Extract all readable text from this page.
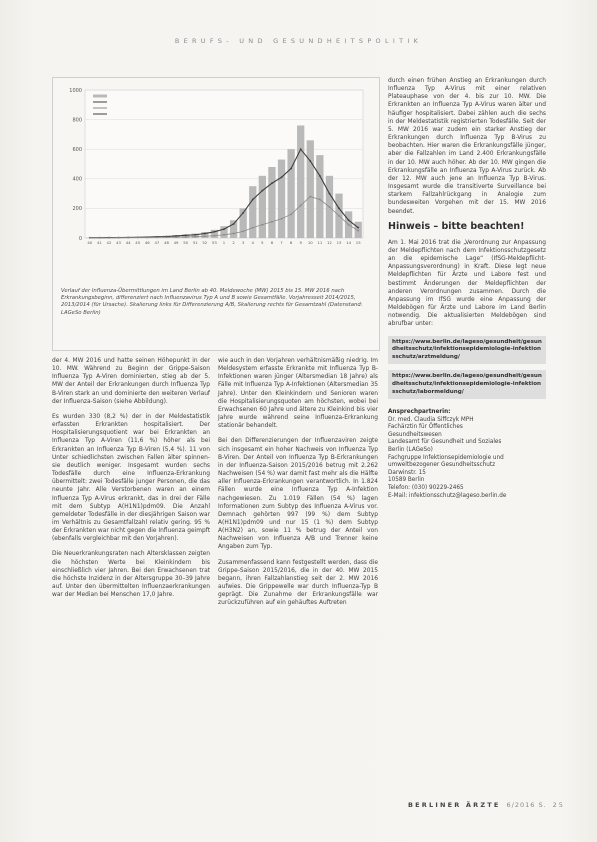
BERUFS- UND GESUNDHEITSPOLITIK
1000
800
600
400
200
0
40 41 42 43 44 45 46 47 48 49 50 51 52 53 1 2 3 4 5 6 7 8 9 10 11 12 13 14 15
Verlauf der Influenza-Übermittlungen im Land Berlin ab 40. Meldewoche (MW) 2015 bis 15. MW 2016 nach Erkrankungsbeginn, differenziert nach Influenzavirus Typ A und B sowie Gesamtfälle. Vorjahresseit 2014/2015, 2013/2014 (für Ursache). Skalierung links für Differenzierung A/B, Skalierung rechts für Gesamtzahl (Datenstand: LAGeSo Berlin)

der 4. MW 2016 und hatte seinen Höhepunkt in der 10. MW. Während zu Beginn der Grippe-Saison Influenza Typ A-Viren dominierten, stieg ab der 5. MW der Anteil der Erkrankungen durch Influenza Typ B-Viren stark an und dominierte den weiteren Verlauf der Influenza-Saison (siehe Abbildung).

Es wurden 330 (8,2 %) der in der Meldestatistik erfassten Erkrankten hospitalisiert. Der Hospitalisierungsquotient war bei Erkrankten an Influenza Typ A-Viren (11,6 %) höher als bei Erkrankten an Influenza Typ B-Viren (5,4 %). 11 von Unter schiedlichsten zwischen Fallen älter spinnen-sie deutlich weniger. Insgesamt wurden sechs Todesfälle durch eine Influenza-Erkrankung übermittelt: zwei Todesfälle junger Personen, die das neunte Jahr. Alle Verstorbenen waren an einem Influenza Typ A-Virus erkrankt, das in drei der Fälle mit dem Subtyp A(H1N1)pdm09. Die Anzahl gemeldeter Todesfälle in der diesjährigen Saison war im Verhältnis zu Gesamtfallzahl relativ gering. 95 % der Erkrankten war nicht gegen die Influenza geimpft (ebenfalls vergleichbar mit den Vorjahren).

Die Neuerkrankungsraten nach Altersklassen zeigten die höchsten Werte bei Kleinkindern bis einschließlich vier Jahren. Bei den Erwachsenen trat die höchste Inzidenz in der Altersgruppe 30–39 Jahre auf. Unter den übermittelten Influenzaerkrankungen war der Median bei Menschen 17,0 Jahre.

wie auch in den Vorjahren verhältnismäßig niedrig. Im Meldesystem erfasste Erkrankte mit Influenza Typ B-Infektionen waren jünger (Altersmedian 18 Jahre) als Fälle mit Influenza Typ A-Infektionen (Altersmedian 35 Jahre). Unter den Kleinkindern und Senioren waren die Hospitalisierungsquoten am höchsten, wobei bei Erwachsenen 60 Jahre und ältere zu Kleinkind bis vier Jahre wurde während seine Influenza-Erkrankung stationär behandelt.

Bei den Differenzierungen der Influenzaviren zeigte sich insgesamt ein hoher Nachweis von Influenza Typ B-Viren. Der Anteil von Influenza Typ B-Erkrankungen in der Influenza-Saison 2015/2016 betrug mit 2.262 Nachweisen (54 %) war damit fast mehr als die Hälfte aller Influenza-Erkrankungen verantwortlich. In 1.824 Fällen wurde eine Influenza Typ A-Infektion nachgewiesen. Zu 1.019 Fällen (54 %) lagen Informationen zum Subtyp des Influenza A-Virus vor. Demnach gehörten 997 (99 %) dem Subtyp A(H1N1)pdm09 und nur 15 (1 %) dem Subtyp A(H3N2) an, sowie 11 % betrug der Anteil von Nachweisen von Influenza A/B und Trenner keine Angaben zum Typ.

Zusammenfassend kann festgestellt werden, dass die Grippe-Saison 2015/2016, die in der 40. MW 2015 begann, ihren Fallzahlanstieg seit der 2. MW 2016 aufwies. Die Grippewelle war durch Influenza-Typ B geprägt. Die Zunahme der Erkrankungsfälle war zurückzuführen auf ein gehäuftes Auftreten

durch einen frühen Anstieg an Erkrankungen durch Influenza Typ A-Virus mit einer relativen Plateauphase von der 4. bis zur 10. MW. Die Erkrankten an Influenza Typ A-Virus waren älter und häufiger hospitalisiert. Dabei zählen auch die sechs in der Meldestatistik registrierten Todesfälle. Seit der 5. MW 2016 war zudem ein starker Anstieg der Erkrankungen durch Influenza Typ B-Virus zu beobachten. Hier waren die Erkrankungsfälle jünger, aber die Fallzahlen im Land 2.400 Erkrankungsfälle in der 10. MW auch höher. Ab der 10. MW gingen die Erkrankungsfälle an Influenza Typ A-Virus zurück. Ab der 12. MW auch jene an Influenza Typ B-Virus. Insgesamt wurde die transitiverte Surveillance bei starkem Fallzahlrückgang in Analogie zum bundesweiten Vorgehen mit der 15. MW 2016 beendet.

Hinweis – bitte beachten!

Am 1. Mai 2016 trat die „Verordnung zur Anpassung der Meldepflichten nach dem Infektionsschutzgesetz an die epidemische Lage“ (IfSG-Meldepflicht-Anpassungsverordnung) in Kraft. Diese legt neue Meldepflichten für Ärzte und Labore fest und bestimmt Änderungen der Meldepflichten der anderen Verordnungen zusammen. Durch die Anpassung im IfSG wurde eine Anpassung der Meldebögen für Ärzte und Labore im Land Berlin notwendig. Die aktualisierten Meldebögen sind abrufbar unter:

https://www.berlin.de/lageso/gesundheit/gesundheitsschutz/infektionsepidemiologie-infektionsschutz/arztmeldung/
https://www.berlin.de/lageso/gesundheit/gesundheitsschutz/infektionsepidemiologie-infektionsschutz/labormeldung/
Ansprechpartnerin:
Dr. med. Claudia Siffczyk MPH
Fachärztin für Öffentliches
Gesundheitswesen
Landesamt für Gesundheit und Soziales
Berlin (LAGeSo)
Fachgruppe Infektionsepidemiologie und
umweltbezogener Gesundheitsschutz
Darwinstr. 15
10589 Berlin
Telefon: (030) 90229-2465
E-Mail: infektionsschutz@lageso.berlin.de
BERLINER ÄRZTE 6/2016 S. 25
